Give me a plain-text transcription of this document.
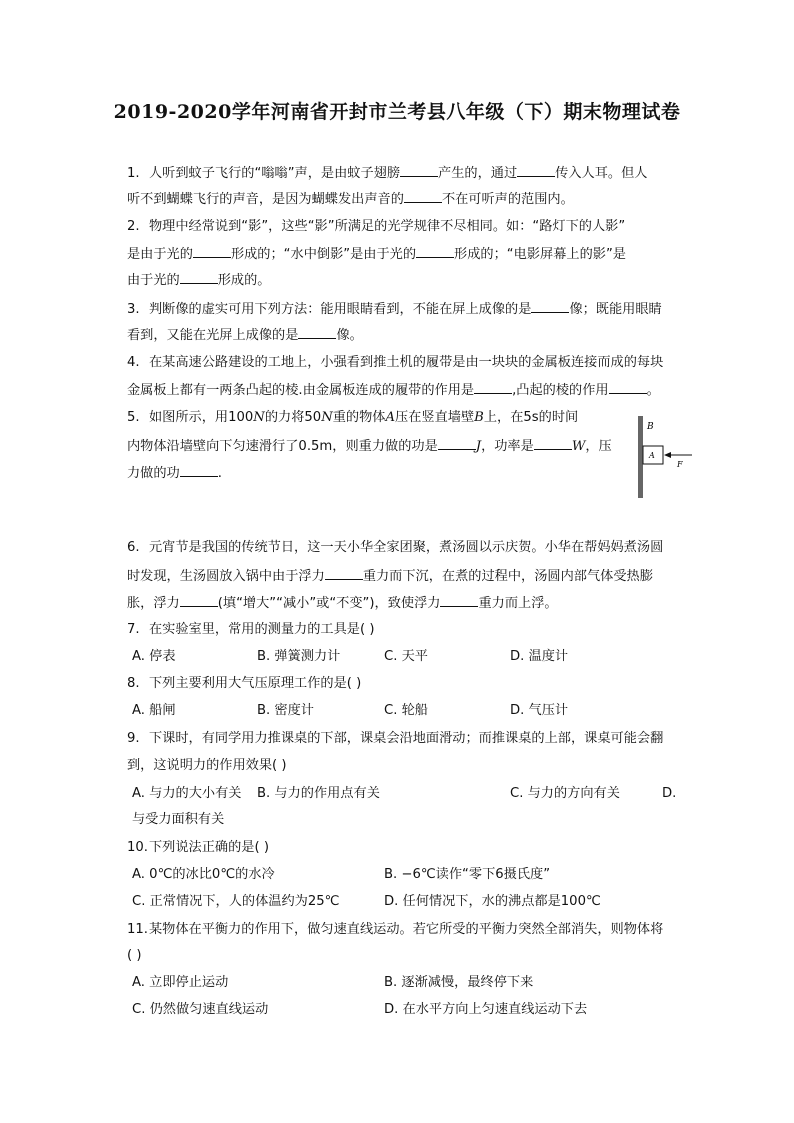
2019-2020学年河南省开封市兰考县八年级（下）期末物理试卷
1. 人听到蚊子飞行的“嗡嗡”声，是由蚊子翅膀	产生的，通过	传入人耳。但人
听不到蝴蝶飞行的声音，是因为蝴蝶发出声音的	不在可听声的范围内。
2. 物理中经常说到“影”，这些“影”所满足的光学规律不尽相同。如：“路灯下的人影”
是由于光的	形成的；“水中倒影”是由于光的	形成的；“电影屏幕上的影”是
由于光的	形成的。
3. 判断像的虚实可用下列方法：能用眼睛看到，不能在屏上成像的是	像；既能用眼睛
看到，又能在光屏上成像的是	像。
4. 在某高速公路建设的工地上，小强看到推土机的履带是由一块块的金属板连接而成的每块
金属板上都有一两条凸起的棱.由金属板连成的履带的作用是	,凸起的棱的作用	。
5. 如图所示，用100N的力将50N重的物体A压在竖直墙壁B上，在5s的时间
内物体沿墙壁向下匀速滑行了0.5m，则重力做的功是	J，功率是	W，压
力做的功	.
B
A
F
6. 元宵节是我国的传统节日，这一天小华全家团聚，煮汤圆以示庆贺。小华在帮妈妈煮汤圆
时发现，生汤圆放入锅中由于浮力	重力而下沉，在煮的过程中，汤圆内部气体受热膨
胀，浮力	(填“增大”“减小”或“不变”)，致使浮力	重力而上浮。
7. 在实验室里，常用的测量力的工具是( )
A. 停表	B. 弹簧测力计	C. 天平	D. 温度计
8. 下列主要利用大气压原理工作的是( )
A. 船闸	B. 密度计	C. 轮船	D. 气压计
9. 下课时，有同学用力推课桌的下部，课桌会沿地面滑动；而推课桌的上部，课桌可能会翻
到，这说明力的作用效果( )
A. 与力的大小有关 B. 与力的作用点有关	C. 与力的方向有关	D.
与受力面积有关
10.下列说法正确的是( )
A. 0℃的冰比0℃的水冷	B. −6℃读作“零下6摄氏度”
C. 正常情况下，人的体温约为25℃	D. 任何情况下，水的沸点都是100℃
11.某物体在平衡力的作用下，做匀速直线运动。若它所受的平衡力突然全部消失，则物体将
( )
A. 立即停止运动	B. 逐渐减慢，最终停下来
C. 仍然做匀速直线运动	D. 在水平方向上匀速直线运动下去
